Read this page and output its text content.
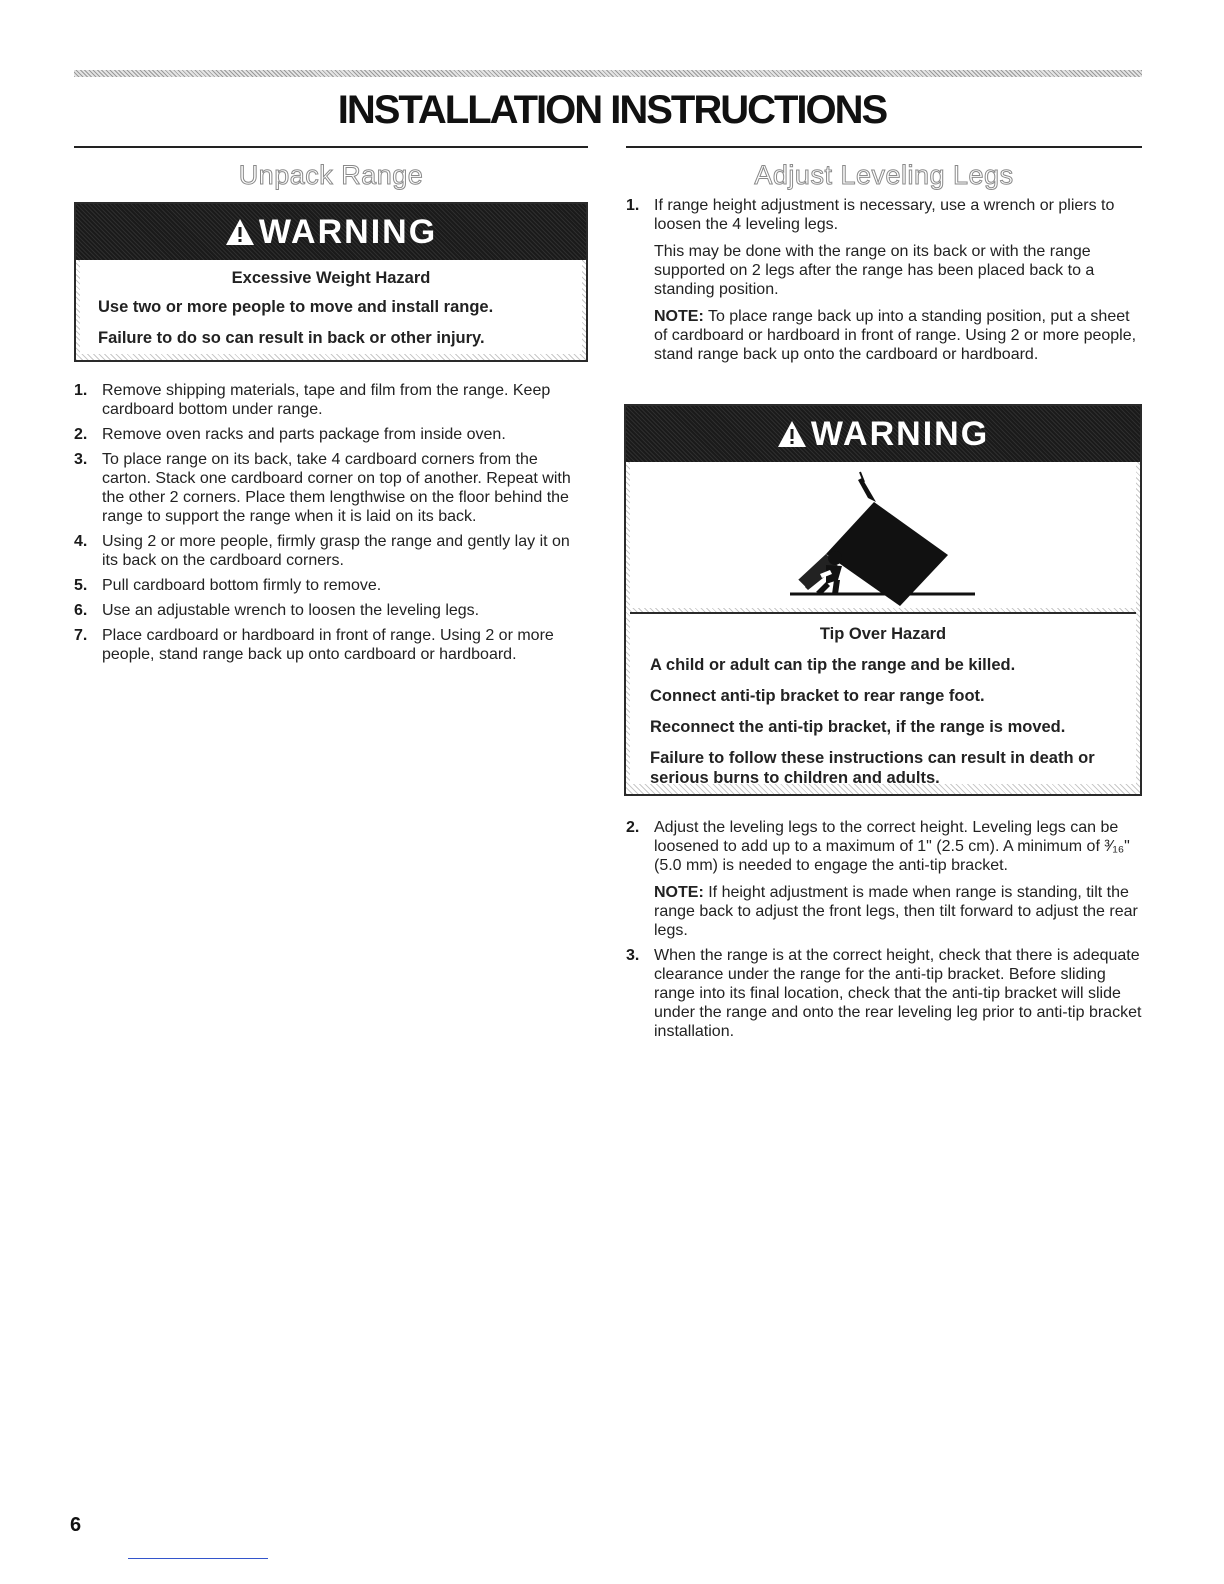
INSTALLATION INSTRUCTIONS
Unpack Range
WARNING
Excessive Weight Hazard
Use two or more people to move and install range.
Failure to do so can result in back or other injury.
1. Remove shipping materials, tape and film from the range. Keep cardboard bottom under range.
2. Remove oven racks and parts package from inside oven.
3. To place range on its back, take 4 cardboard corners from the carton. Stack one cardboard corner on top of another. Repeat with the other 2 corners. Place them lengthwise on the floor behind the range to support the range when it is laid on its back.
4. Using 2 or more people, firmly grasp the range and gently lay it on its back on the cardboard corners.
5. Pull cardboard bottom firmly to remove.
6. Use an adjustable wrench to loosen the leveling legs.
7. Place cardboard or hardboard in front of range. Using 2 or more people, stand range back up onto cardboard or hardboard.
Adjust Leveling Legs
1. If range height adjustment is necessary, use a wrench or pliers to loosen the 4 leveling legs.
This may be done with the range on its back or with the range supported on 2 legs after the range has been placed back to a standing position.
NOTE: To place range back up into a standing position, put a sheet of cardboard or hardboard in front of range. Using 2 or more people, stand range back up onto the cardboard or hardboard.
WARNING
Tip Over Hazard
A child or adult can tip the range and be killed.
Connect anti-tip bracket to rear range foot.
Reconnect the anti-tip bracket, if the range is moved.
Failure to follow these instructions can result in death or serious burns to children and adults.
2. Adjust the leveling legs to the correct height. Leveling legs can be loosened to add up to a maximum of 1" (2.5 cm). A minimum of ³⁄₁₆" (5.0 mm) is needed to engage the anti-tip bracket.
NOTE: If height adjustment is made when range is standing, tilt the range back to adjust the front legs, then tilt forward to adjust the rear legs.
3. When the range is at the correct height, check that there is adequate clearance under the range for the anti-tip bracket. Before sliding range into its final location, check that the anti-tip bracket will slide under the range and onto the rear leveling leg prior to anti-tip bracket installation.
6
